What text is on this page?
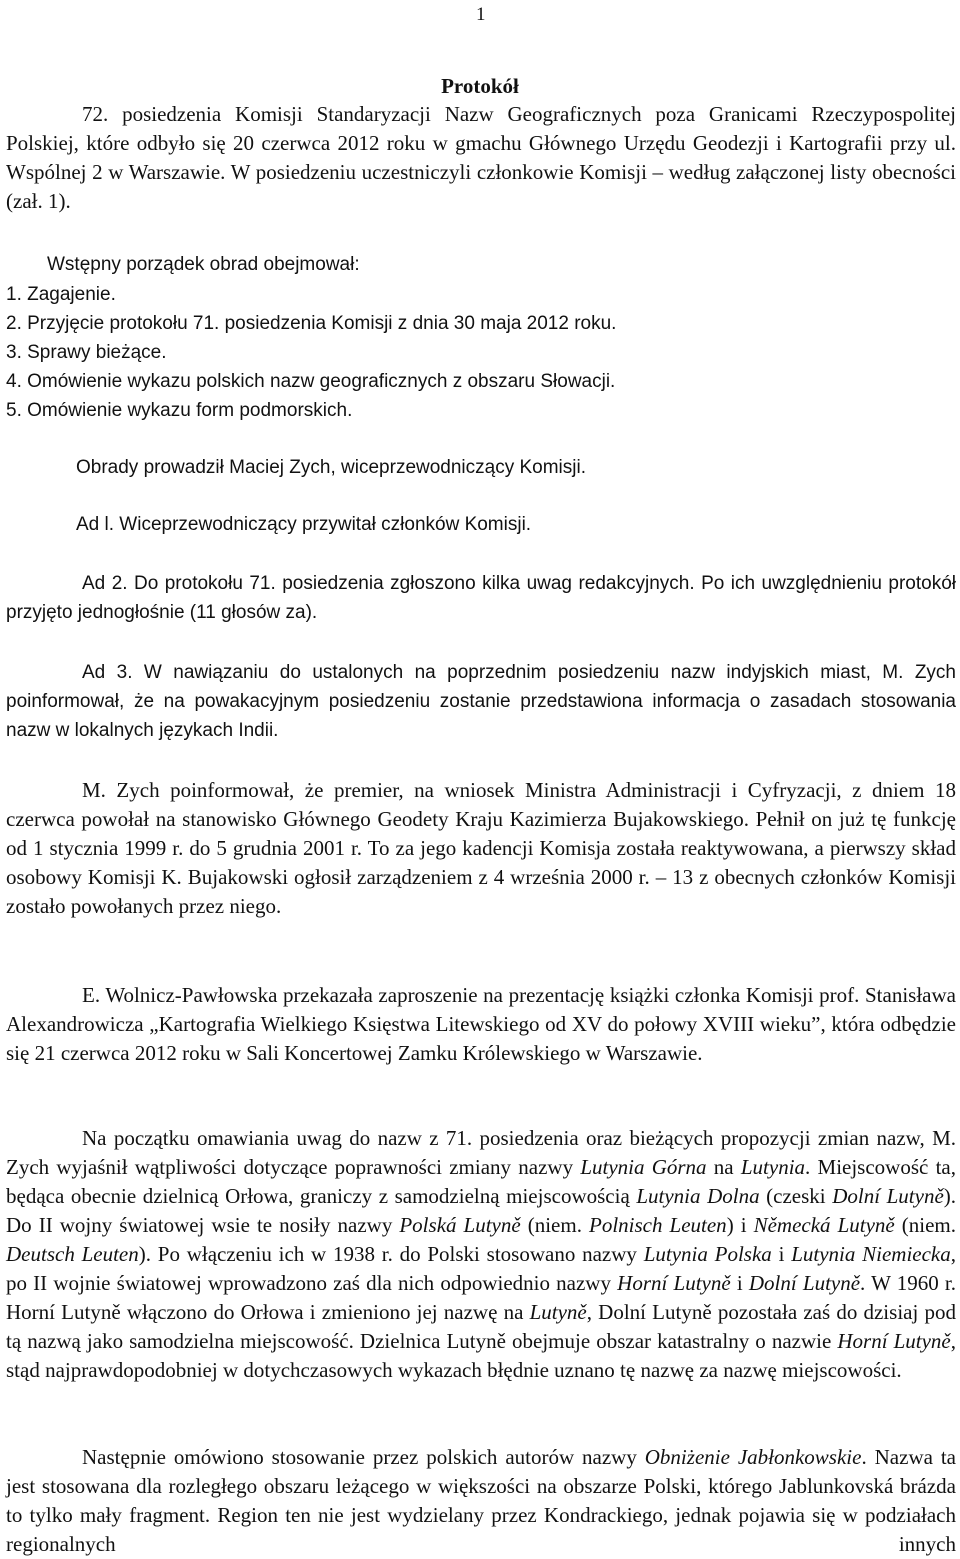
1
Protokół
72. posiedzenia Komisji Standaryzacji Nazw Geograficznych poza Granicami Rzeczypospolitej Polskiej, które odbyło się 20 czerwca 2012 roku w gmachu Głównego Urzędu Geodezji i Kartografii przy ul. Wspólnej 2 w Warszawie. W posiedzeniu uczestniczyli członkowie Komisji – według załączonej listy obecności (zał. 1).
Wstępny porządek obrad obejmował:
1. Zagajenie.
2. Przyjęcie protokołu 71. posiedzenia Komisji z dnia 30 maja 2012 roku.
3. Sprawy bieżące.
4. Omówienie wykazu polskich nazw geograficznych z obszaru Słowacji.
5. Omówienie wykazu form podmorskich.
Obrady prowadził Maciej Zych, wiceprzewodniczący Komisji.
Ad l. Wiceprzewodniczący przywitał członków Komisji.
Ad 2. Do protokołu 71. posiedzenia zgłoszono kilka uwag redakcyjnych. Po ich uwzględnieniu protokół przyjęto jednogłośnie (11 głosów za).
Ad 3. W nawiązaniu do ustalonych na poprzednim posiedzeniu nazw indyjskich miast, M. Zych poinformował, że na powakacyjnym posiedzeniu zostanie przedstawiona informacja o zasadach stosowania nazw w lokalnych językach Indii.
M. Zych poinformował, że premier, na wniosek Ministra Administracji i Cyfryzacji, z dniem 18 czerwca powołał na stanowisko Głównego Geodety Kraju Kazimierza Bujakowskiego. Pełnił on już tę funkcję od 1 stycznia 1999 r. do 5 grudnia 2001 r. To za jego kadencji Komisja została reaktywowana, a pierwszy skład osobowy Komisji K. Bujakowski ogłosił zarządzeniem z 4 września 2000 r. – 13 z obecnych członków Komisji zostało powołanych przez niego.
E. Wolnicz-Pawłowska przekazała zaproszenie na prezentację książki członka Komisji prof. Stanisława Alexandrowicza „Kartografia Wielkiego Księstwa Litewskiego od XV do połowy XVIII wieku”, która odbędzie się 21 czerwca 2012 roku w Sali Koncertowej Zamku Królewskiego w Warszawie.
Na początku omawiania uwag do nazw z 71. posiedzenia oraz bieżących propozycji zmian nazw, M. Zych wyjaśnił wątpliwości dotyczące poprawności zmiany nazwy Lutynia Górna na Lutynia. Miejscowość ta, będąca obecnie dzielnicą Orłowa, graniczy z samodzielną miejscowością Lutynia Dolna (czeski Dolní Lutyně). Do II wojny światowej wsie te nosiły nazwy Polská Lutyně (niem. Polnisch Leuten) i Německá Lutyně (niem. Deutsch Leuten). Po włączeniu ich w 1938 r. do Polski stosowano nazwy Lutynia Polska i Lutynia Niemiecka, po II wojnie światowej wprowadzono zaś dla nich odpowiednio nazwy Horní Lutyně i Dolní Lutyně. W 1960 r. Horní Lutyně włączono do Orłowa i zmieniono jej nazwę na Lutyně, Dolní Lutyně pozostała zaś do dzisiaj pod tą nazwą jako samodzielna miejscowość. Dzielnica Lutyně obejmuje obszar katastralny o nazwie Horní Lutyně, stąd najprawdopodobniej w dotychczasowych wykazach błędnie uznano tę nazwę za nazwę miejscowości.
Następnie omówiono stosowanie przez polskich autorów nazwy Obniżenie Jabłonkowskie. Nazwa ta jest stosowana dla rozległego obszaru leżącego w większości na obszarze Polski, którego Jablunkovská brázda to tylko mały fragment. Region ten nie jest wydzielany przez Kondrackiego, jednak pojawia się w podziałach regionalnych innych
